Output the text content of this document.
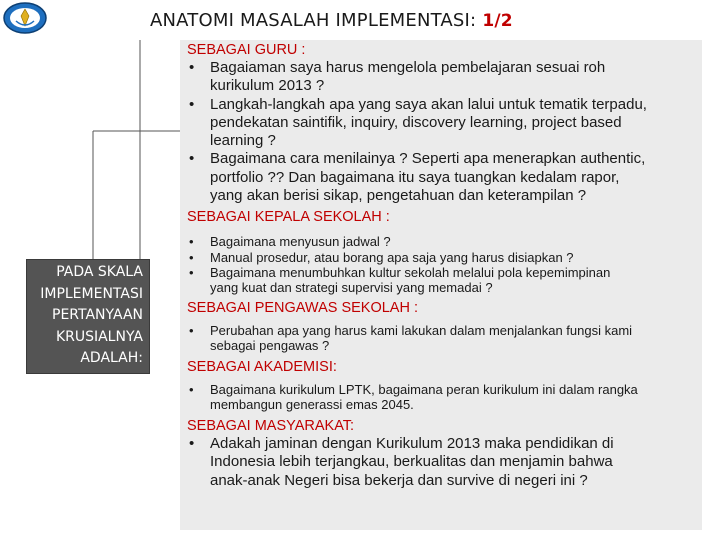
ANATOMI MASALAH IMPLEMENTASI: 1/2
PADA SKALA
IMPLEMENTASI
PERTANYAAN
KRUSIALNYA
ADALAH:
SEBAGAI GURU :
• Bagaiaman saya harus mengelola pembelajaran sesuai roh
kurikulum 2013 ?
• Langkah-langkah apa yang saya akan lalui untuk tematik terpadu,
pendekatan saintifik, inquiry, discovery learning, project based
learning ?
• Bagaimana cara menilainya ? Seperti apa menerapkan authentic,
portfolio ?? Dan bagaimana itu saya tuangkan kedalam rapor,
yang akan berisi sikap, pengetahuan dan keterampilan ?
SEBAGAI KEPALA SEKOLAH :
• Bagaimana menyusun jadwal ?
• Manual prosedur, atau borang apa saja yang harus disiapkan ?
• Bagaimana menumbuhkan kultur sekolah melalui pola kepemimpinan
yang kuat dan strategi supervisi yang memadai ?
SEBAGAI PENGAWAS SEKOLAH :
• Perubahan apa yang harus kami lakukan dalam menjalankan fungsi kami
sebagai pengawas ?
SEBAGAI AKADEMISI:
• Bagaimana kurikulum LPTK, bagaimana peran kurikulum ini dalam rangka
membangun generassi emas 2045.
SEBAGAI MASYARAKAT:
• Adakah jaminan dengan Kurikulum 2013 maka pendidikan di
Indonesia lebih terjangkau, berkualitas dan menjamin bahwa
anak-anak Negeri bisa bekerja dan survive di negeri ini ?
